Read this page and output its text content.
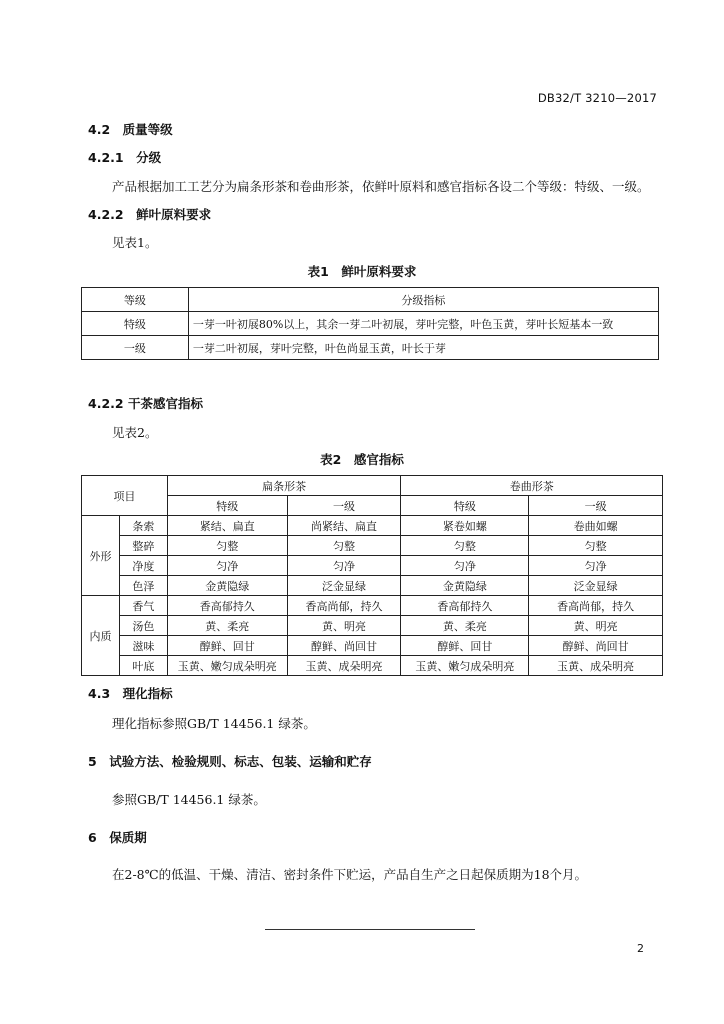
DB32/T 3210—2017
4.2　质量等级
4.2.1　分级
产品根据加工工艺分为扁条形茶和卷曲形茶，依鲜叶原料和感官指标各设二个等级：特级、一级。
4.2.2　鲜叶原料要求
见表1。
表1　鲜叶原料要求
等级	分级指标
特级	一芽一叶初展80%以上，其余一芽二叶初展，芽叶完整，叶色玉黄，芽叶长短基本一致
一级	一芽二叶初展，芽叶完整，叶色尚显玉黄，叶长于芽
4.2.2 干茶感官指标
见表2。
表2　感官指标
项目		扁条形茶		卷曲形茶	
		特级	一级	特级	一级
外形	条索	紧结、扁直	尚紧结、扁直	紧卷如螺	卷曲如螺
	整碎	匀整	匀整	匀整	匀整
	净度	匀净	匀净	匀净	匀净
	色泽	金黄隐绿	泛金显绿	金黄隐绿	泛金显绿
内质	香气	香高郁持久	香高尚郁，持久	香高郁持久	香高尚郁，持久
	汤色	黄、柔亮	黄、明亮	黄、柔亮	黄、明亮
	滋味	醇鲜、回甘	醇鲜、尚回甘	醇鲜、回甘	醇鲜、尚回甘
	叶底	玉黄、嫩匀成朵明亮	玉黄、成朵明亮	玉黄、嫩匀成朵明亮	玉黄、成朵明亮
4.3　理化指标
理化指标参照GB/T 14456.1 绿茶。
5　试验方法、检验规则、标志、包装、运输和贮存
参照GB/T 14456.1 绿茶。
6　保质期
在2-8℃的低温、干燥、清洁、密封条件下贮运，产品自生产之日起保质期为18个月。
2
